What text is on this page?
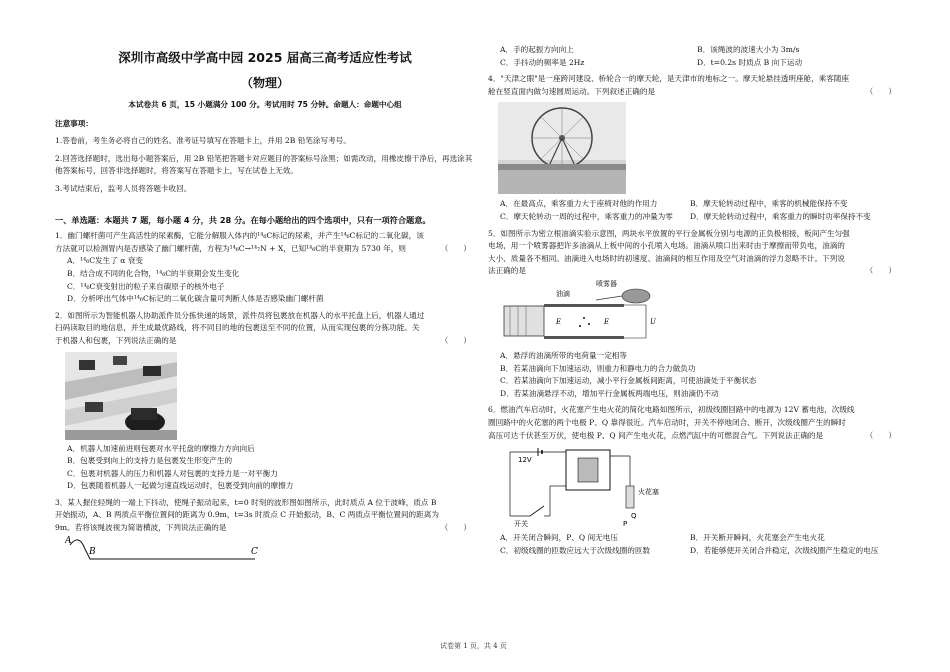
深圳市高级中学高中园 2025 届高三高考适应性考试
（物理）
本试卷共 6 页，15 小题满分 100 分。考试用时 75 分钟。命题人：命题中心组
注意事项：
1.答卷前，考生务必将自己的姓名、准考证号填写在答题卡上，并用 2B 铅笔涂写考号。
2.回答选择题时，选出每小题答案后，用 2B 铅笔把答题卡对应题目的答案标号涂黑；如需改动，用橡皮擦干净后，再选涂其他答案标号，回答非选择题时，将答案写在答题卡上，写在试卷上无效。
3.考试结束后，监考人员将答题卡收回。
一、单选题：本题共 7 题，每小题 4 分，共 28 分。在每小题给出的四个选项中，只有一项符合题意。
1．幽门螺杆菌可产生高活性的尿素酶，它能分解服入体内的¹⁴₆C标记的尿素，并产生¹⁴₆C标记的二氧化碳，该
方法就可以检测胃内是否感染了幽门螺杆菌，方程为¹⁴₆C→¹⁴₇N + X，已知¹⁴₆C的半衰期为 5730 年，则	（　　）
A．¹⁴₆C发生了 α 衰变
B．结合成不同的化合物，¹⁴₆C的半衰期会发生变化
C．¹⁴₆C衰变射出的粒子来自碳原子的核外电子
D．分析呼出气体中¹⁴₆C标记的二氧化碳含量可判断人体是否感染幽门螺杆菌
2．如图所示为智能机器人协助派件员分拣快递的场景，派件员将包裹放在机器人的水平托盘上后，机器人通过
扫码读取目的地信息，并生成最优路线，将不同目的地的包裹送至不同的位置，从而实现包裹的分拣功能。关
于机器人和包裹，下列说法正确的是	（　　）
A．机器人加速前进则包裹对水平托盘的摩擦力方向向后
B．包裹受到向上的支持力是包裹发生形变产生的
C．包裹对机器人的压力和机器人对包裹的支持力是一对平衡力
D．包裹随着机器人一起做匀速直线运动时，包裹受到向前的摩擦力
3．某人握住轻绳的一端上下抖动，使绳子振动起来，t=0 时刻的波形图如图所示，此时质点 A 位于波峰，质点 B
开始振动，A、B 两质点平衡位置间的距离为 0.9m，t=3s 时质点 C 开始振动，B、C 两质点平衡位置间的距离为
9m。若将该绳波视为简谐横波，下列说法正确的是	（　　）
A
B	C
A．手的起振方向向上	B．该绳波的波速大小为 3m/s
C．手抖动的频率是 2Hz	D．t=0.2s 时质点 B 向下运动
4．"天津之眼"是一座跨河建设、桥轮合一的摩天轮，是天津市的地标之一。摩天轮悬挂透明座舱，乘客随座
舱在竖直面内做匀速圆周运动。下列叙述正确的是	（　　）
A．在最高点，乘客重力大于座椅对他的作用力	B．摩天轮转动过程中，乘客的机械能保持不变
C．摩天轮转动一周的过程中，乘客重力的冲量为零	D．摩天轮转动过程中，乘客重力的瞬时功率保持不变
5．如图所示为密立根油滴实验示意图，两块水平放置的平行金属板分别与电源的正负极相接，板间产生匀强
电场，用一个喷雾器把许多油滴从上板中间的小孔喷入电场。油滴从喷口出来时由于摩擦而带负电，油滴的
大小、质量各不相同。油滴进入电场时的初速度、油滴间的相互作用及空气对油滴的浮力忽略不计。下列说
法正确的是	（　　）
喷雾器
油滴
E	E	U
A．悬浮的油滴所带的电荷量一定相等
B．若某油滴向下加速运动，则重力和静电力的合力做负功
C．若某油滴向下加速运动，减小平行金属板间距离，可使油滴处于平衡状态
D．若某油滴悬浮不动，增加平行金属板两端电压，则油滴仍不动
6．燃油汽车启动时，火花塞产生电火花的简化电路如图所示，初级线圈回路中的电源为 12V 蓄电池，次级线
圈回路中的火花塞的两个电极 P、Q 靠得很近。汽车启动时，开关不停地闭合、断开，次级线圈产生的瞬时
高压可达千伏甚至万伏，使电极 P、Q 间产生电火花，点燃汽缸中的可燃混合气。下列说法正确的是	（　　）
12V
火花塞
Q
P
开关
A．开关闭合瞬间，P、Q 间无电压	B．开关断开瞬间，火花塞会产生电火花
C．初级线圈的匝数应远大于次级线圈的匝数	D．若能够使开关闭合并稳定，次级线圈产生稳定的电压
试卷第 1 页，共 4 页
